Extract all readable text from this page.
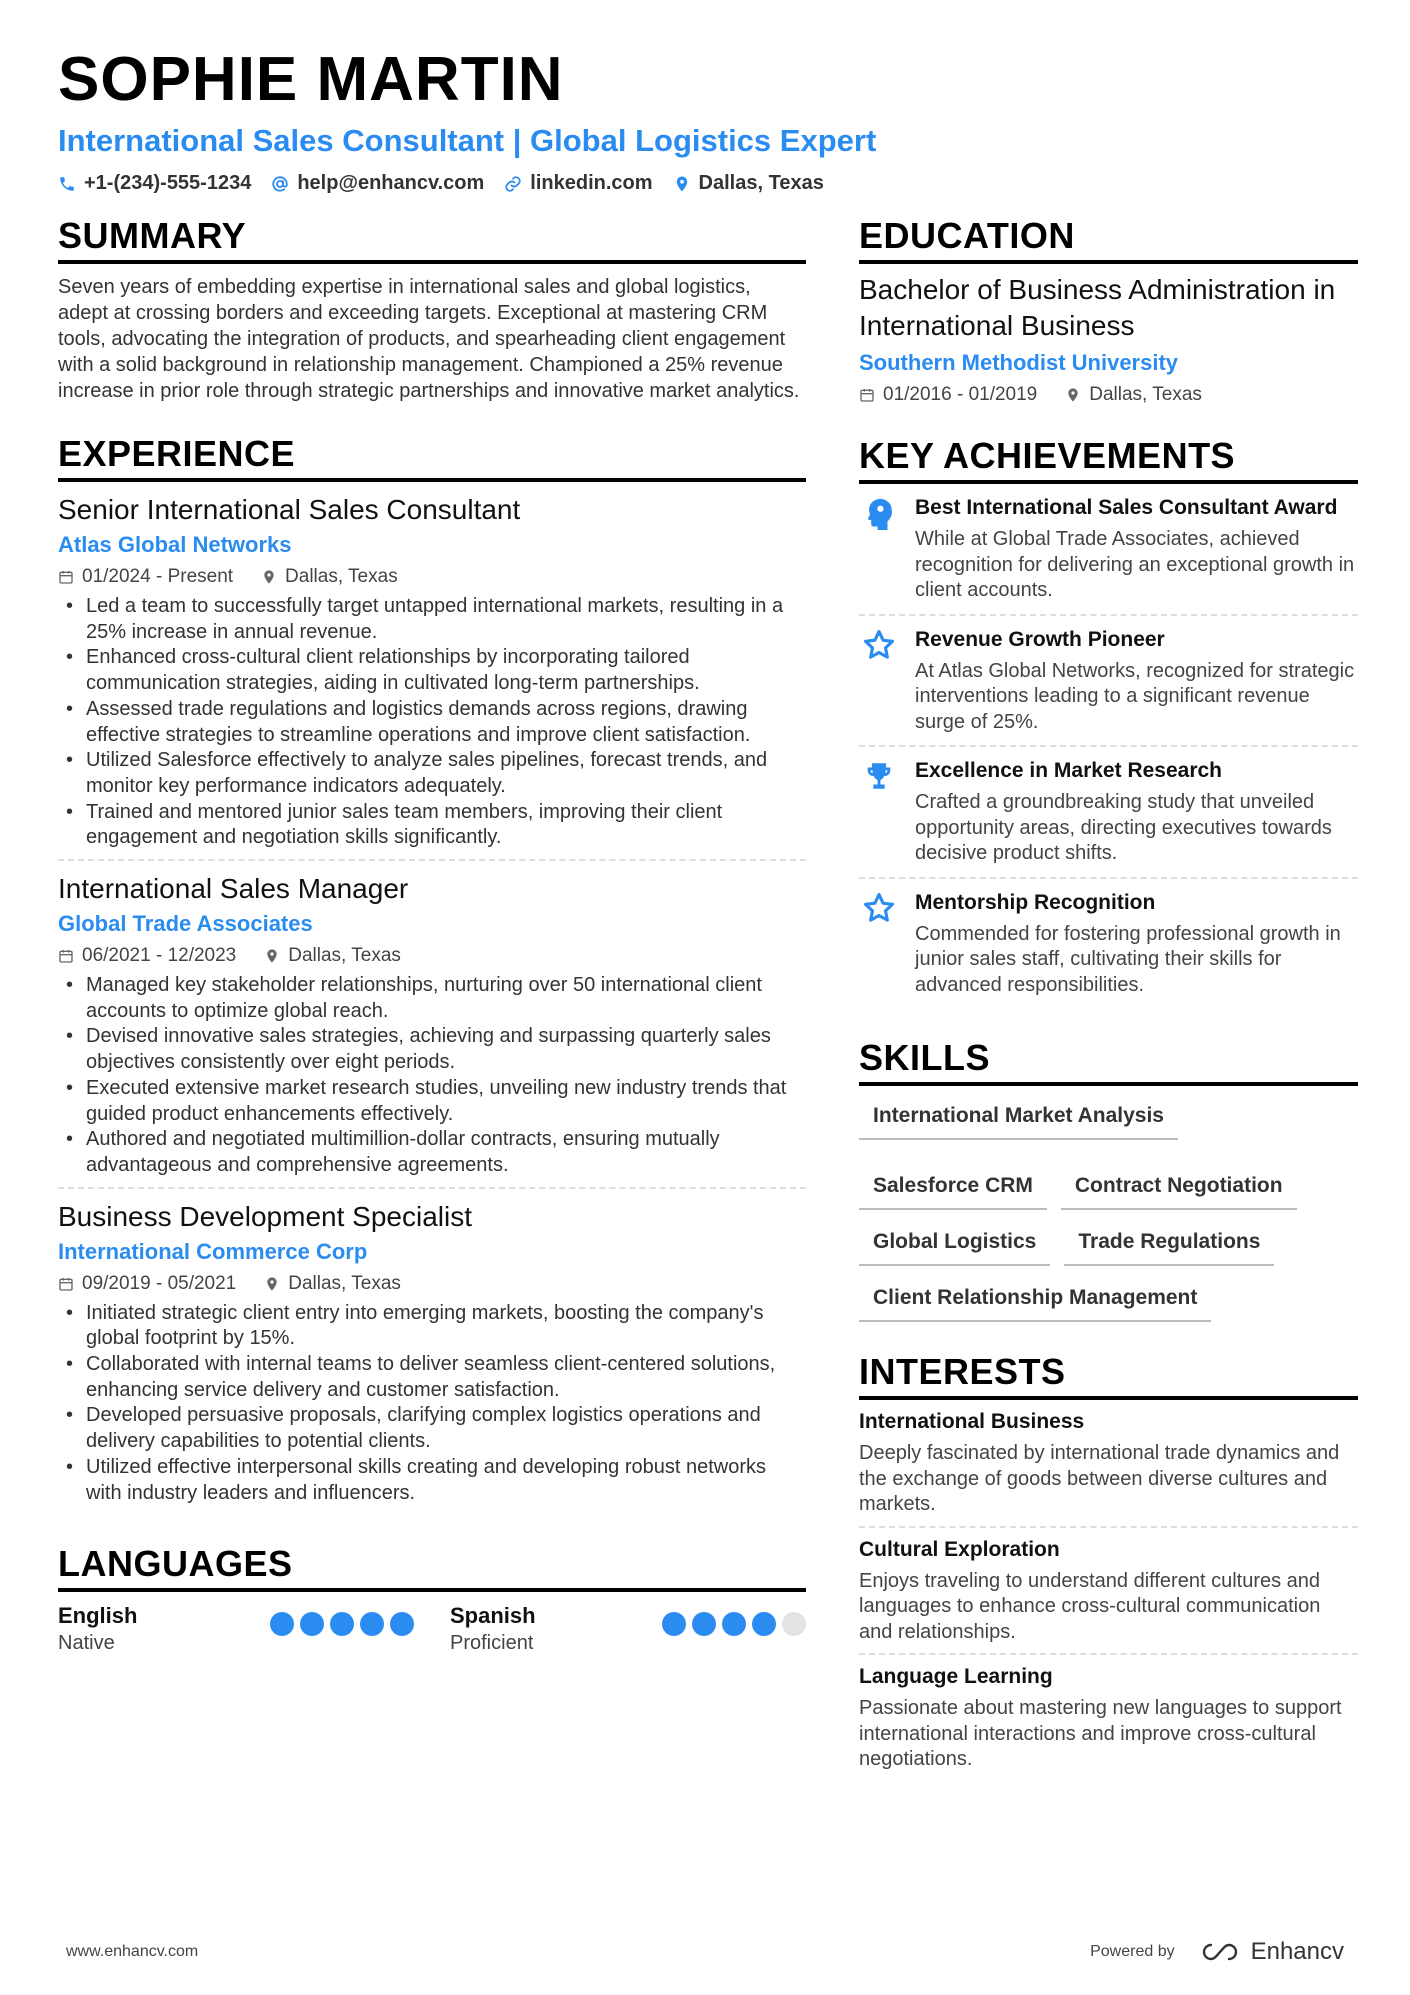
SOPHIE MARTIN
International Sales Consultant | Global Logistics Expert
+1-(234)-555-1234 help@enhancv.com linkedin.com Dallas, Texas
SUMMARY
Seven years of embedding expertise in international sales and global logistics, adept at crossing borders and exceeding targets. Exceptional at mastering CRM tools, advocating the integration of products, and spearheading client engagement with a solid background in relationship management. Championed a 25% revenue increase in prior role through strategic partnerships and innovative market analytics.
EXPERIENCE
Senior International Sales Consultant
Atlas Global Networks
01/2024 - Present	Dallas, Texas
• Led a team to successfully target untapped international markets, resulting in a 25% increase in annual revenue.
• Enhanced cross-cultural client relationships by incorporating tailored communication strategies, aiding in cultivated long-term partnerships.
• Assessed trade regulations and logistics demands across regions, drawing effective strategies to streamline operations and improve client satisfaction.
• Utilized Salesforce effectively to analyze sales pipelines, forecast trends, and monitor key performance indicators adequately.
• Trained and mentored junior sales team members, improving their client engagement and negotiation skills significantly.
International Sales Manager
Global Trade Associates
06/2021 - 12/2023	Dallas, Texas
• Managed key stakeholder relationships, nurturing over 50 international client accounts to optimize global reach.
• Devised innovative sales strategies, achieving and surpassing quarterly sales objectives consistently over eight periods.
• Executed extensive market research studies, unveiling new industry trends that guided product enhancements effectively.
• Authored and negotiated multimillion-dollar contracts, ensuring mutually advantageous and comprehensive agreements.
Business Development Specialist
International Commerce Corp
09/2019 - 05/2021	Dallas, Texas
• Initiated strategic client entry into emerging markets, boosting the company's global footprint by 15%.
• Collaborated with internal teams to deliver seamless client-centered solutions, enhancing service delivery and customer satisfaction.
• Developed persuasive proposals, clarifying complex logistics operations and delivery capabilities to potential clients.
• Utilized effective interpersonal skills creating and developing robust networks with industry leaders and influencers.
LANGUAGES
English
Native
Spanish
Proficient
EDUCATION
Bachelor of Business Administration in International Business
Southern Methodist University
01/2016 - 01/2019	Dallas, Texas
KEY ACHIEVEMENTS
Best International Sales Consultant Award
While at Global Trade Associates, achieved recognition for delivering an exceptional growth in client accounts.
Revenue Growth Pioneer
At Atlas Global Networks, recognized for strategic interventions leading to a significant revenue surge of 25%.
Excellence in Market Research
Crafted a groundbreaking study that unveiled opportunity areas, directing executives towards decisive product shifts.
Mentorship Recognition
Commended for fostering professional growth in junior sales staff, cultivating their skills for advanced responsibilities.
SKILLS
International Market Analysis
Salesforce CRM	Contract Negotiation
Global Logistics	Trade Regulations
Client Relationship Management
INTERESTS
International Business
Deeply fascinated by international trade dynamics and the exchange of goods between diverse cultures and markets.
Cultural Exploration
Enjoys traveling to understand different cultures and languages to enhance cross-cultural communication and relationships.
Language Learning
Passionate about mastering new languages to support international interactions and improve cross-cultural negotiations.
www.enhancv.com	Powered by	Enhancv
